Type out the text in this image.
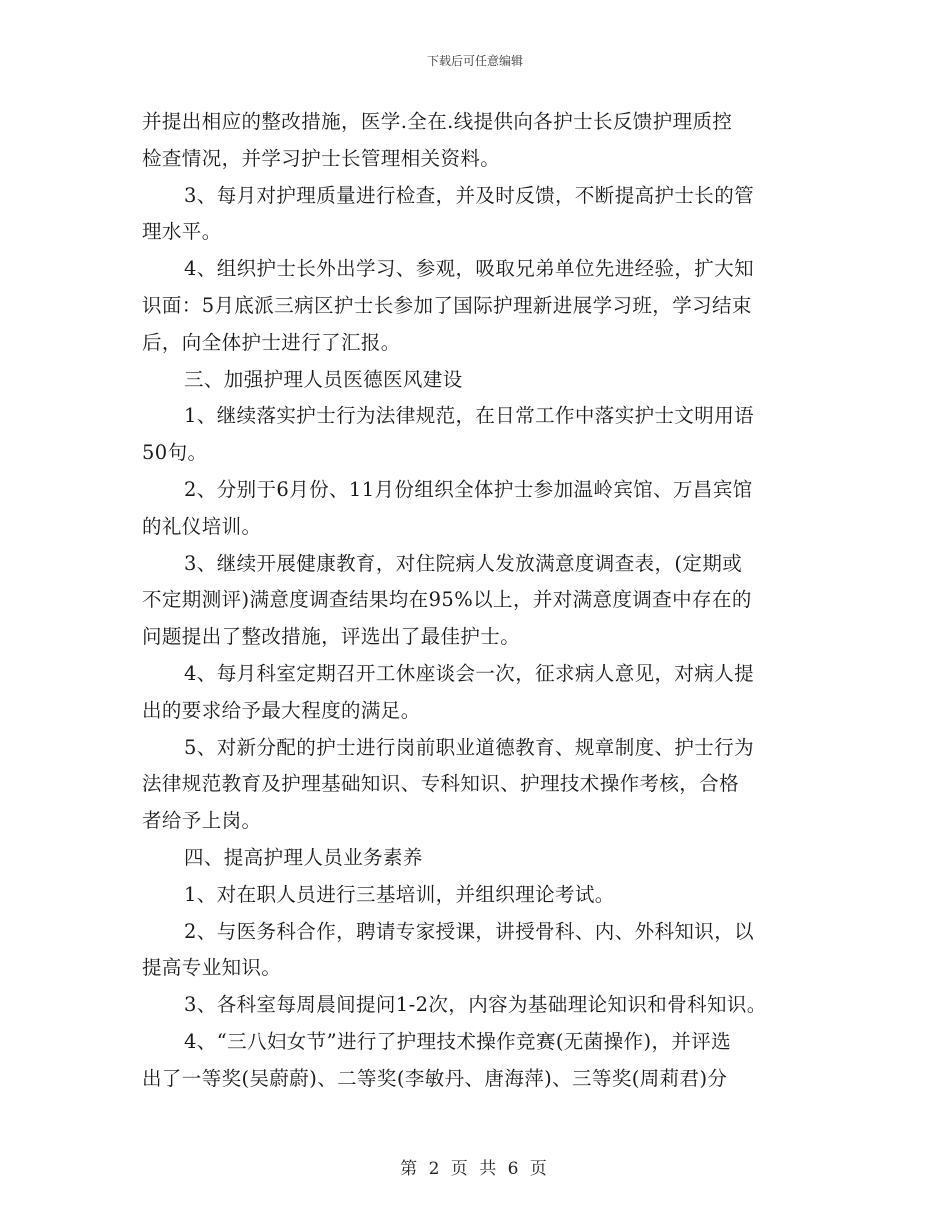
下载后可任意编辑
并提出相应的整改措施，医学.全在.线提供向各护士长反馈护理质控
检查情况，并学习护士长管理相关资料。
3、每月对护理质量进行检查，并及时反馈，不断提高护士长的管
理水平。
4、组织护士长外出学习、参观，吸取兄弟单位先进经验，扩大知
识面：5月底派三病区护士长参加了国际护理新进展学习班，学习结束
后，向全体护士进行了汇报。
三、加强护理人员医德医风建设
1、继续落实护士行为法律规范，在日常工作中落实护士文明用语
50句。
2、分别于6月份、11月份组织全体护士参加温岭宾馆、万昌宾馆
的礼仪培训。
3、继续开展健康教育，对住院病人发放满意度调查表，(定期或
不定期测评)满意度调查结果均在95%以上，并对满意度调查中存在的
问题提出了整改措施，评选出了最佳护士。
4、每月科室定期召开工休座谈会一次，征求病人意见，对病人提
出的要求给予最大程度的满足。
5、对新分配的护士进行岗前职业道德教育、规章制度、护士行为
法律规范教育及护理基础知识、专科知识、护理技术操作考核，合格
者给予上岗。
四、提高护理人员业务素养
1、对在职人员进行三基培训，并组织理论考试。
2、与医务科合作，聘请专家授课，讲授骨科、内、外科知识，以
提高专业知识。
3、各科室每周晨间提问1-2次，内容为基础理论知识和骨科知识。
4、“三八妇女节”进行了护理技术操作竞赛(无菌操作)，并评选
出了一等奖(吴蔚蔚)、二等奖(李敏丹、唐海萍)、三等奖(周莉君)分
第 2 页 共 6 页
